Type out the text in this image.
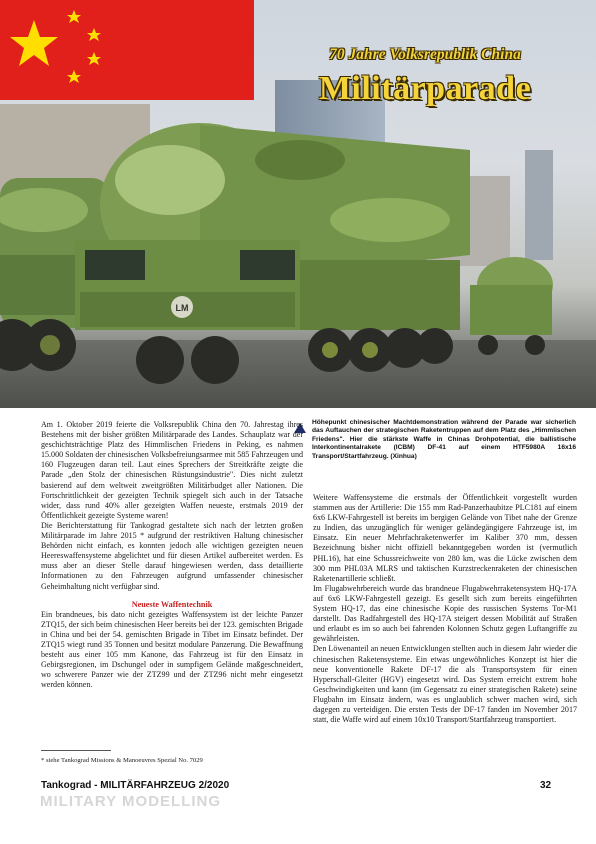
LM
70 Jahre Volksrepublik China
Militärparade
Höhepunkt chinesischer Machtdemonstration während der Parade war sicherlich das Auftauchen der strategischen Raketentruppen auf dem Platz des „Himmlischen Friedens". Hier die stärkste Waffe in Chinas Drohpotential, die ballistische Interkontinentalrakete (ICBM) DF-41 auf einem HTF5980A 16x16 Transport/Startfahrzeug. (Xinhua)

Am 1. Oktober 2019 feierte die Volksrepublik China den 70. Jahrestag ihres Bestehens mit der bisher größten Militärparade des Landes. Schauplatz war der geschichtsträchtige Platz des Himmlischen Friedens in Peking, es nahmen 15.000 Soldaten der chinesischen Volksbefreiungsarmee mit 585 Fahrzeugen und 160 Flugzeugen daran teil. Laut eines Sprechers der Streitkräfte zeigte die Parade „den Stolz der chinesischen Rüstungsindustrie". Dies nicht zuletzt basierend auf dem weltweit zweitgrößten Militärbudget aller Nationen. Die Fortschrittlichkeit der gezeigten Technik spiegelt sich auch in der Tatsache wider, dass rund 40% aller gezeigten Waffen neueste, erstmals 2019 der Öffentlichkeit gezeigte Systeme waren!

Die Berichterstattung für Tankograd gestaltete sich nach der letzten großen Militärparade im Jahre 2015 * aufgrund der restriktiven Haltung chinesischer Behörden nicht einfach, es konnten jedoch alle wichtigen gezeigten neuen Heereswaffensysteme abgelichtet und für diesen Artikel aufbereitet werden. Es muss aber an dieser Stelle darauf hingewiesen werden, dass detaillierte Informationen zu den Fahrzeugen aufgrund umfassender chinesischer Geheimhaltung nicht verfügbar sind.

Neueste Waffentechnik

Ein brandneues, bis dato nicht gezeigtes Waffensystem ist der leichte Panzer ZTQ15, der sich beim chinesischen Heer bereits bei der 123. gemischten Brigade in China und bei der 54. gemischten Brigade in Tibet im Einsatz befindet. Der ZTQ15 wiegt rund 35 Tonnen und besitzt modulare Panzerung. Die Bewaffnung besteht aus einer 105 mm Kanone, das Fahrzeug ist für den Einsatz in Gebirgsregionen, im Dschungel oder in sumpfigem Gelände maßgeschneidert, wo schwerere Panzer wie der ZTZ99 und der ZTZ96 nicht mehr eingesetzt werden können.

Weitere Waffensysteme die erstmals der Öffentlichkeit vorgestellt wurden stammen aus der Artillerie: Die 155 mm Rad-Panzerhaubitze PLC181 auf einem 6x6 LKW-Fahrgestell ist bereits im bergigen Gelände von Tibet nahe der Grenze zu Indien, das unzugänglich für weniger geländegängigere Fahrzeuge ist, im Einsatz. Ein neuer Mehrfachraketenwerfer im Kaliber 370 mm, dessen Bezeichnung bisher nicht offiziell bekanntgegeben worden ist (vermutlich PHL16), hat eine Schussreichweite von 280 km, was die Lücke zwischen dem 300 mm PHL03A MLRS und taktischen Kurzstreckenraketen der chinesischen Raketenartillerie schließt.

Im Flugabwehrbereich wurde das brandneue Flugabwehrraketensystem HQ-17A auf 6x6 LKW-Fahrgestell gezeigt. Es gesellt sich zum bereits eingeführten System HQ-17, das eine chinesische Kopie des russischen Systems Tor-M1 darstellt. Das Radfahrgestell des HQ-17A steigert dessen Mobilität auf Straßen und erlaubt es im so auch bei fahrenden Kolonnen Schutz gegen Luftangriffe zu gewährleisten.

Den Löwenanteil an neuen Entwicklungen stellten auch in diesem Jahr wieder die chinesischen Raketensysteme. Ein etwas ungewöhnliches Konzept ist hier die neue konventionelle Rakete DF-17 die als Transportsystem für einen Hyperschall-Gleiter (HGV) eingesetzt wird. Das System erreicht extrem hohe Geschwindigkeiten und kann (im Gegensatz zu einer strategischen Rakete) seine Flugbahn im Einsatz ändern, was es unglaublich schwer machen wird, sich dagegen zu verteidigen. Die ersten Tests der DF-17 fanden im November 2017 statt, die Waffe wird auf einem 10x10 Transport/Startfahrzeug transportiert.

* siehe Tankograd Missions & Manoeuvres Spezial No. 7029
Tankograd - MILITÄRFAHRZEUG 2/2020	32
MILITARY MODELLING
